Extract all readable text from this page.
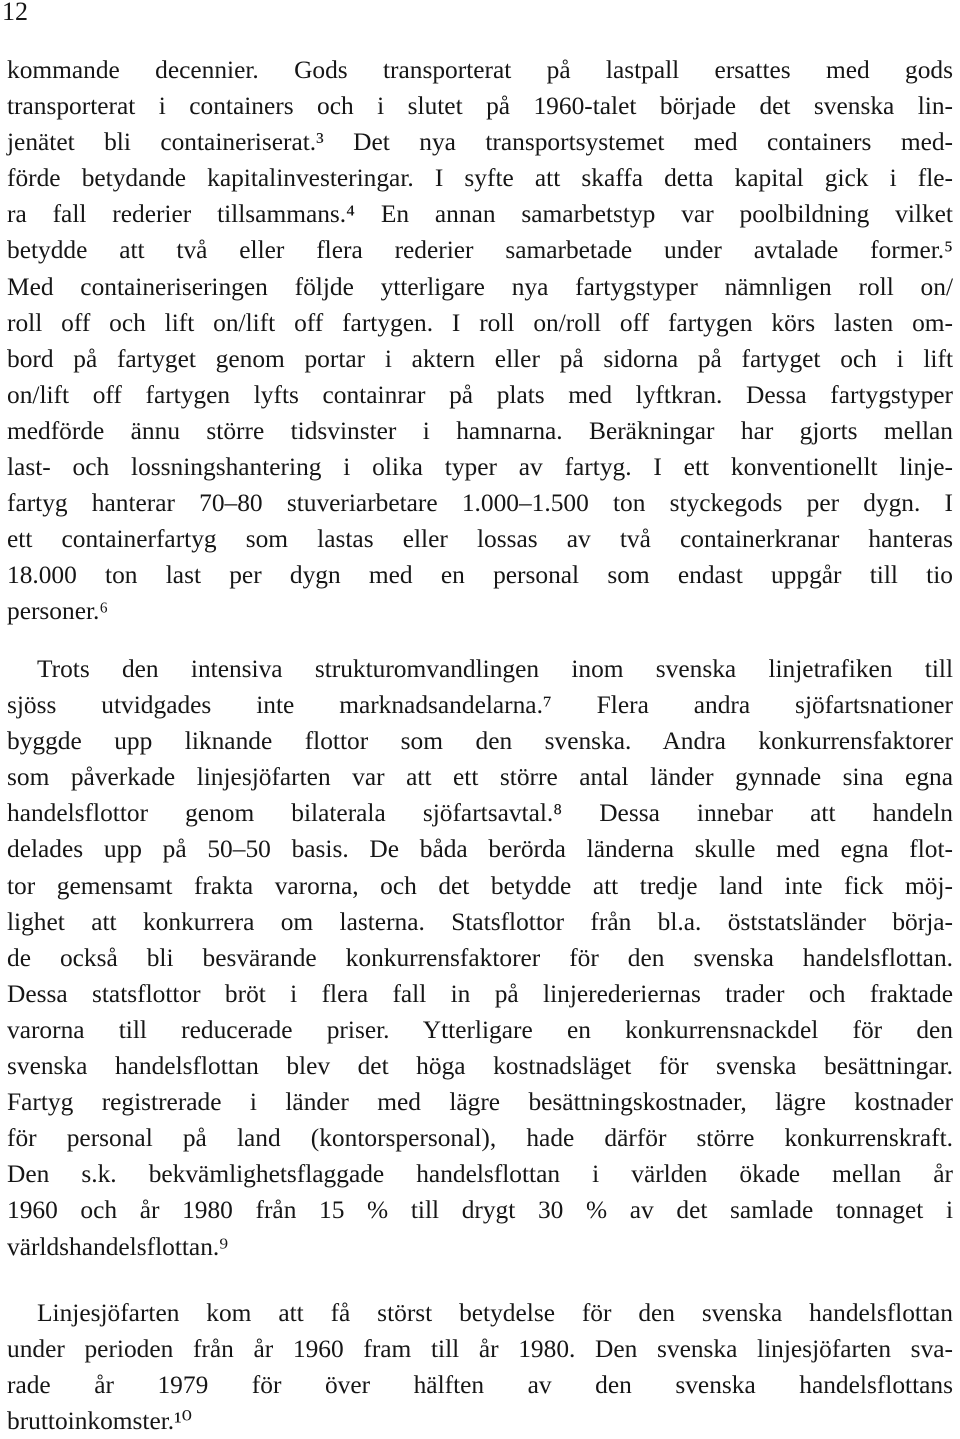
12
kommande decennier. Gods transporterat på lastpall ersattes med gods
transporterat i containers och i slutet på 1960-talet började det svenska lin-
jenätet bli containeriserat.³ Det nya transportsystemet med containers med-
förde betydande kapitalinvesteringar. I syfte att skaffa detta kapital gick i fle-
ra fall rederier tillsammans.⁴ En annan samarbetstyp var poolbildning vilket
betydde att två eller flera rederier samarbetade under avtalade former.⁵
Med containeriseringen följde ytterligare nya fartygstyper nämnligen roll on/
roll off och lift on/lift off fartygen. I roll on/roll off fartygen körs lasten om-
bord på fartyget genom portar i aktern eller på sidorna på fartyget och i lift
on/lift off fartygen lyfts containrar på plats med lyftkran. Dessa fartygstyper
medförde ännu större tidsvinster i hamnarna. Beräkningar har gjorts mellan
last- och lossningshantering i olika typer av fartyg. I ett konventionellt linje-
fartyg hanterar 70–80 stuveriarbetare 1.000–1.500 ton styckegods per dygn. I
ett containerfartyg som lastas eller lossas av två containerkranar hanteras
18.000 ton last per dygn med en personal som endast uppgår till tio
personer.⁶
Trots den intensiva strukturomvandlingen inom svenska linjetrafiken till
sjöss utvidgades inte marknadsandelarna.⁷ Flera andra sjöfartsnationer
byggde upp liknande flottor som den svenska. Andra konkurrensfaktorer
som påverkade linjesjöfarten var att ett större antal länder gynnade sina egna
handelsflottor genom bilaterala sjöfartsavtal.⁸ Dessa innebar att handeln
delades upp på 50–50 basis. De båda berörda länderna skulle med egna flot-
tor gemensamt frakta varorna, och det betydde att tredje land inte fick möj-
lighet att konkurrera om lasterna. Statsflottor från bl.a. öststatsländer börja-
de också bli besvärande konkurrensfaktorer för den svenska handelsflottan.
Dessa statsflottor bröt i flera fall in på linjerederiernas trader och fraktade
varorna till reducerade priser. Ytterligare en konkurrensnackdel för den
svenska handelsflottan blev det höga kostnadsläget för svenska besättningar.
Fartyg registrerade i länder med lägre besättningskostnader, lägre kostnader
för personal på land (kontorspersonal), hade därför större konkurrenskraft.
Den s.k. bekvämlighetsflaggade handelsflottan i världen ökade mellan år
1960 och år 1980 från 15 % till drygt 30 % av det samlade tonnaget i
världshandelsflottan.⁹
Linjesjöfarten kom att få störst betydelse för den svenska handelsflottan
under perioden från år 1960 fram till år 1980. Den svenska linjesjöfarten sva-
rade år 1979 för över hälften av den svenska handelsflottans
bruttoinkomster.¹⁰
